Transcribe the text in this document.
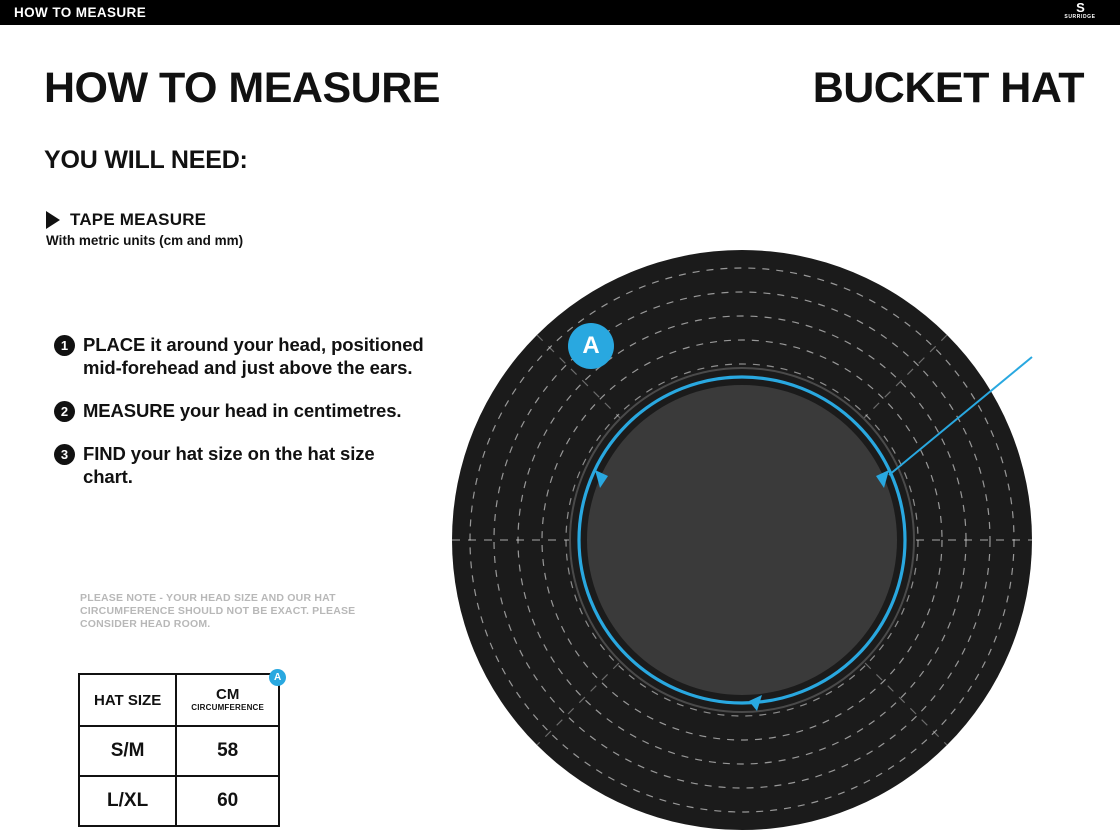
HOW TO MEASURE	S
SURRIDGE
HOW TO MEASURE	BUCKET HAT
YOU WILL NEED:
TAPE MEASURE
With metric units (cm and mm)
1 PLACE it around your head, positioned mid-forehead and just above the ears.
2 MEASURE your head in centimetres.
3 FIND your hat size on the hat size chart.
PLEASE NOTE - YOUR HEAD SIZE AND OUR HAT CIRCUMFERENCE SHOULD NOT BE EXACT. PLEASE CONSIDER HEAD ROOM.
HAT SIZE	CM
CIRCUMFERENCE
A

S/M	58
L/XL	60
A
